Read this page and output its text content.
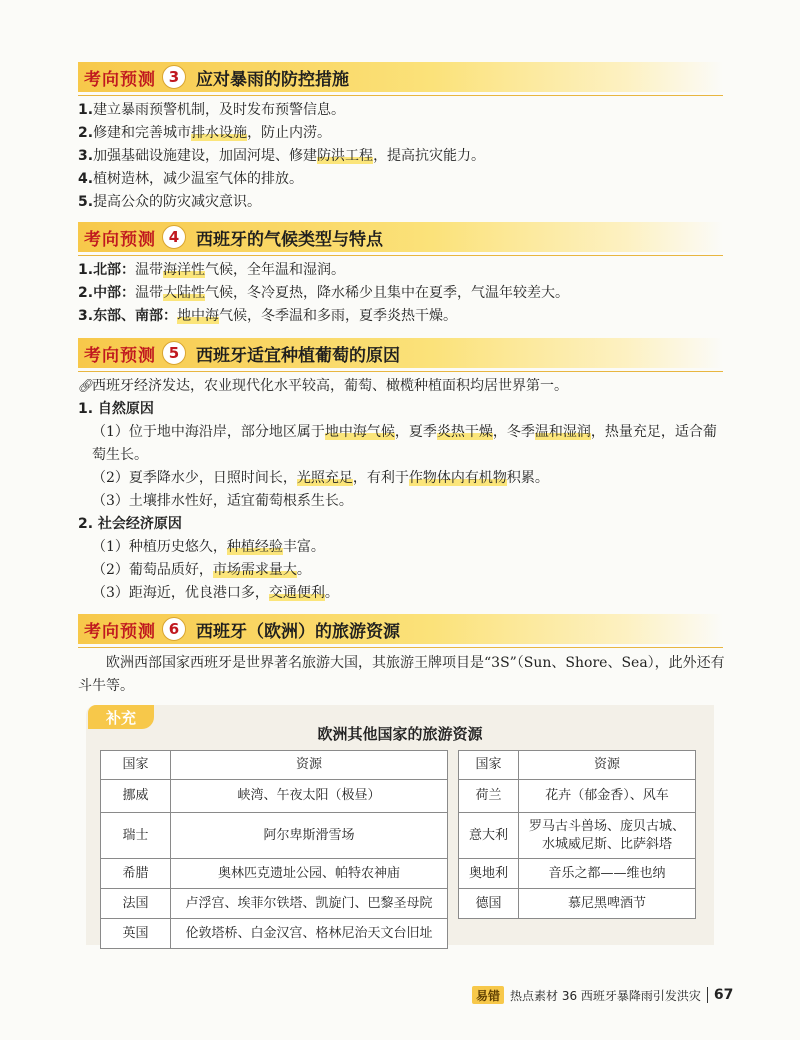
考向预测 3 应对暴雨的防控措施
1.建立暴雨预警机制，及时发布预警信息。
2.修建和完善城市排水设施，防止内涝。
3.加强基础设施建设，加固河堤、修建防洪工程，提高抗灾能力。
4.植树造林，减少温室气体的排放。
5.提高公众的防灾减灾意识。
考向预测 4 西班牙的气候类型与特点
1.北部：温带海洋性气候，全年温和湿润。
2.中部：温带大陆性气候，冬冷夏热，降水稀少且集中在夏季，气温年较差大。
3.东部、南部：地中海气候，冬季温和多雨，夏季炎热干燥。
考向预测 5 西班牙适宜种植葡萄的原因
🔗︎西班牙经济发达，农业现代化水平较高，葡萄、橄榄种植面积均居世界第一。
1. 自然原因
（1）位于地中海沿岸，部分地区属于地中海气候，夏季炎热干燥，冬季温和湿润，热量充足，适合葡萄生长。
（2）夏季降水少，日照时间长，光照充足，有利于作物体内有机物积累。
（3）土壤排水性好，适宜葡萄根系生长。
2. 社会经济原因
（1）种植历史悠久，种植经验丰富。
（2）葡萄品质好，市场需求量大。
（3）距海近，优良港口多，交通便利。
考向预测 6 西班牙（欧洲）的旅游资源
欧洲西部国家西班牙是世界著名旅游大国，其旅游王牌项目是“3S”（Sun、Shore、Sea），此外还有斗牛等。
补充
欧洲其他国家的旅游资源
国家	资源
挪威	峡湾、午夜太阳（极昼）
瑞士	阿尔卑斯滑雪场
希腊	奥林匹克遗址公园、帕特农神庙
法国	卢浮宫、埃菲尔铁塔、凯旋门、巴黎圣母院
英国	伦敦塔桥、白金汉宫、格林尼治天文台旧址
国家	资源
荷兰	花卉（郁金香）、风车
意大利	罗马古斗兽场、庞贝古城、水城威尼斯、比萨斜塔
奥地利	音乐之都——维也纳
德国	慕尼黑啤酒节
易错 热点素材 36 西班牙暴降雨引发洪灾 67
